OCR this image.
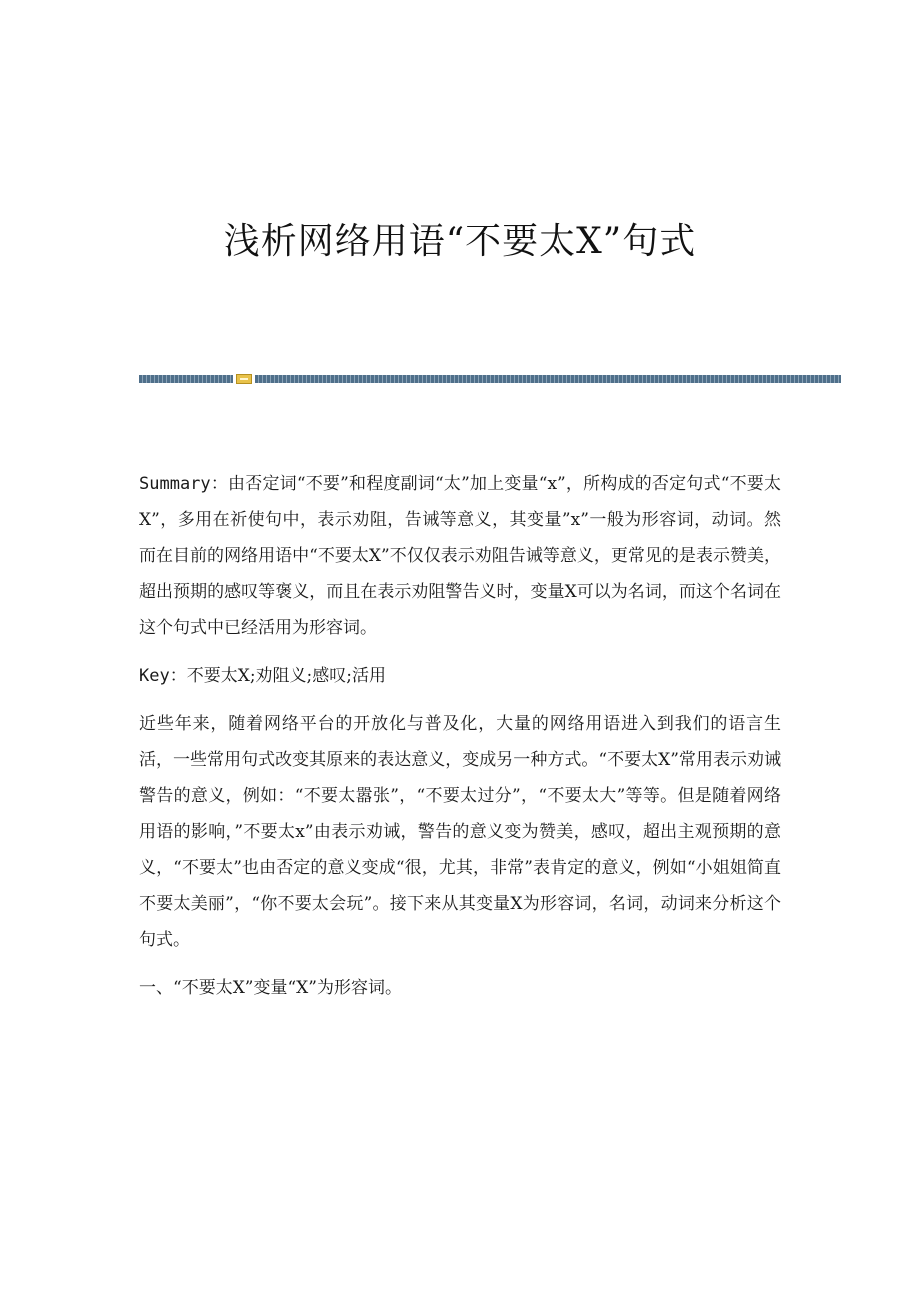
浅析网络用语“不要太X”句式

Summary：由否定词“不要”和程度副词“太”加上变量“x”，所构成的否定句式“不要太X”，多用在祈使句中，表示劝阻，告诫等意义，其变量”x”一般为形容词，动词。然而在目前的网络用语中“不要太X”不仅仅表示劝阻告诫等意义，更常见的是表示赞美，超出预期的感叹等褒义，而且在表示劝阻警告义时，变量X可以为名词，而这个名词在这个句式中已经活用为形容词。

Key：不要太X;劝阻义;感叹;活用

近些年来，随着网络平台的开放化与普及化，大量的网络用语进入到我们的语言生活，一些常用句式改变其原来的表达意义，变成另一种方式。“不要太X”常用表示劝诫警告的意义，例如：“不要太嚣张”，“不要太过分”，“不要太大”等等。但是随着网络用语的影响，”不要太x”由表示劝诫，警告的意义变为赞美，感叹，超出主观预期的意义，“不要太”也由否定的意义变成“很，尤其，非常”表肯定的意义，例如“小姐姐简直不要太美丽”，“你不要太会玩”。接下来从其变量X为形容词，名词，动词来分析这个句式。

一、“不要太X”变量“X”为形容词。
